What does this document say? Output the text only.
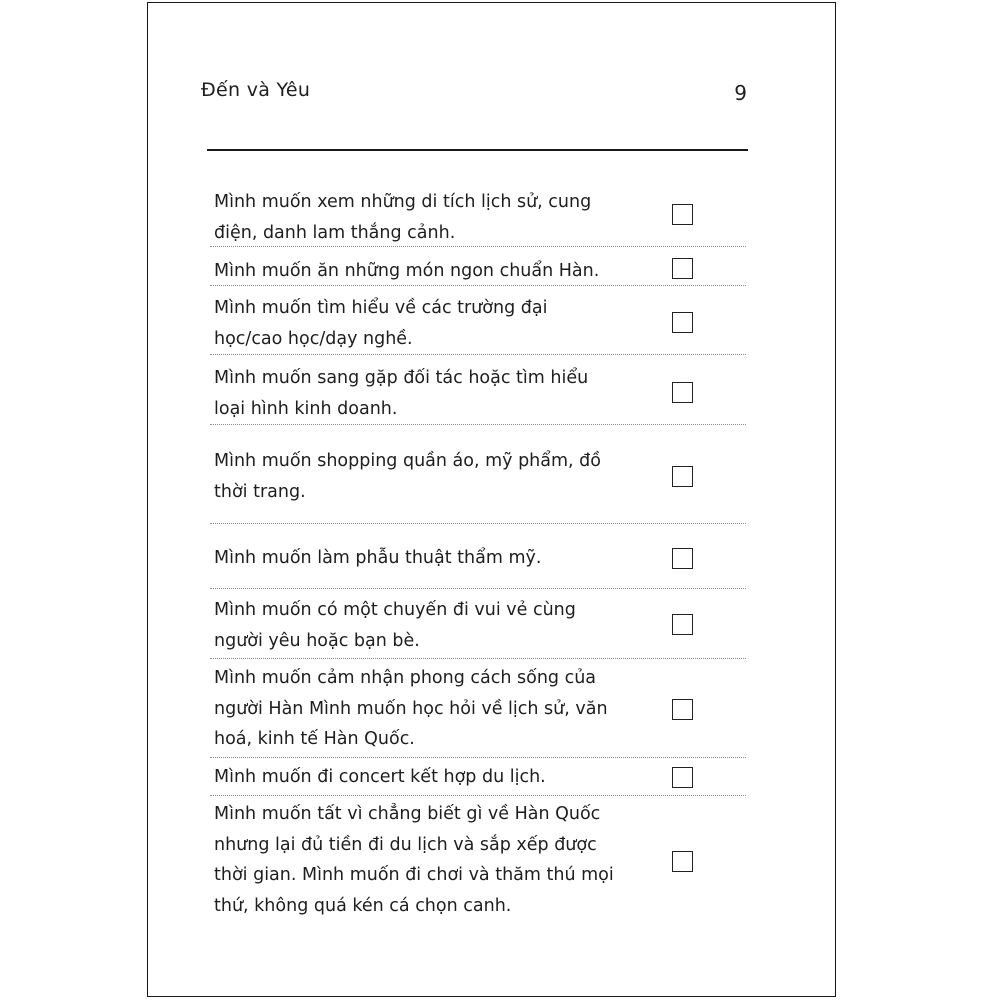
Đến và Yêu	9
Mình muốn xem những di tích lịch sử, cung điện, danh lam thắng cảnh.
Mình muốn ăn những món ngon chuẩn Hàn.
Mình muốn tìm hiểu về các trường đại học/cao học/dạy nghề.
Mình muốn sang gặp đối tác hoặc tìm hiểu loại hình kinh doanh.
Mình muốn shopping quần áo, mỹ phẩm, đồ thời trang.
Mình muốn làm phẫu thuật thẩm mỹ.
Mình muốn có một chuyến đi vui vẻ cùng người yêu hoặc bạn bè.
Mình muốn cảm nhận phong cách sống của người Hàn Mình muốn học hỏi về lịch sử, văn hoá, kinh tế Hàn Quốc.
Mình muốn đi concert kết hợp du lịch.
Mình muốn tất vì chẳng biết gì về Hàn Quốc nhưng lại đủ tiền đi du lịch và sắp xếp được thời gian. Mình muốn đi chơi và thăm thú mọi thứ, không quá kén cá chọn canh.
